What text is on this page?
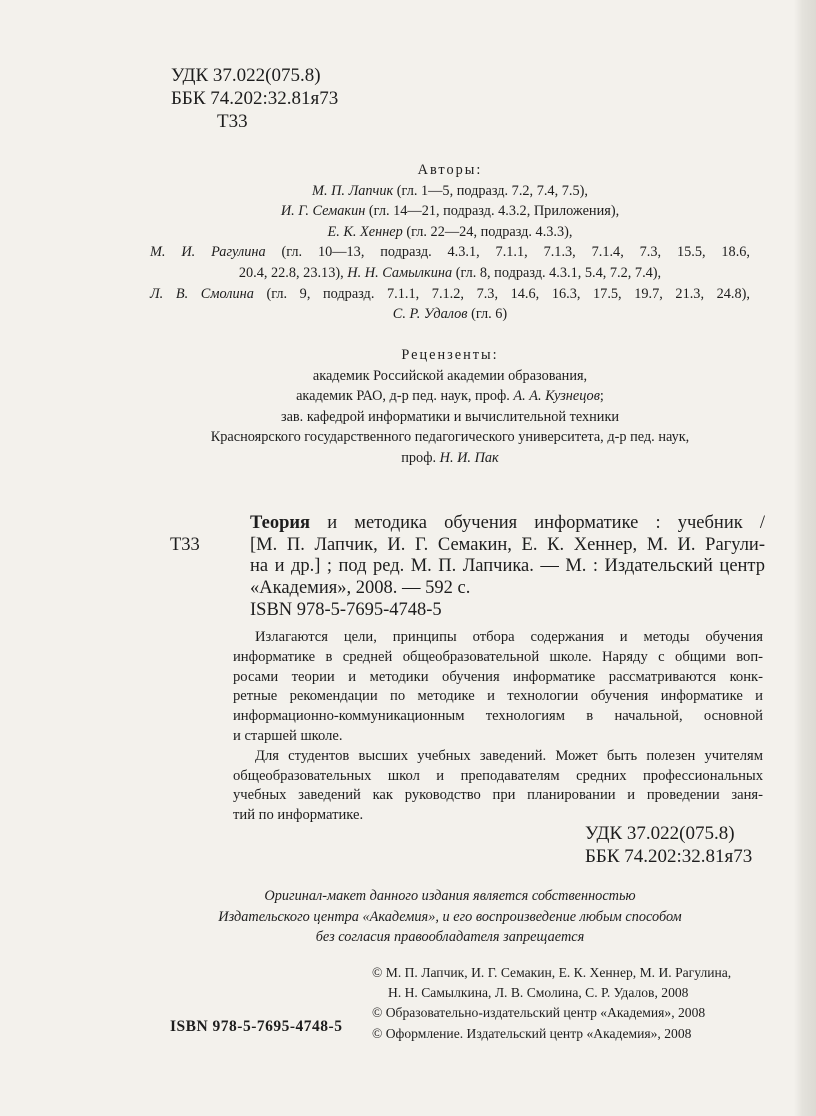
УДК 37.022(075.8)
ББК 74.202:32.81я73
Т33
Авторы:
М. П. Лапчик (гл. 1—5, подразд. 7.2, 7.4, 7.5),
И. Г. Семакин (гл. 14—21, подразд. 4.3.2, Приложения),
Е. К. Хеннер (гл. 22—24, подразд. 4.3.3),
М. И. Рагулина (гл. 10—13, подразд. 4.3.1, 7.1.1, 7.1.3, 7.1.4, 7.3, 15.5, 18.6,
20.4, 22.8, 23.13), Н. Н. Самылкина (гл. 8, подразд. 4.3.1, 5.4, 7.2, 7.4),
Л. В. Смолина (гл. 9, подразд. 7.1.1, 7.1.2, 7.3, 14.6, 16.3, 17.5, 19.7, 21.3, 24.8),
С. Р. Удалов (гл. 6)
Рецензенты:
академик Российской академии образования,
академик РАО, д-р пед. наук, проф. А. А. Кузнецов;
зав. кафедрой информатики и вычислительной техники
Красноярского государственного педагогического университета, д-р пед. наук,
проф. Н. И. Пак
Т33
Теория и методика обучения информатике : учебник /
[М. П. Лапчик, И. Г. Семакин, Е. К. Хеннер, М. И. Рагули-
на и др.] ; под ред. М. П. Лапчика. — М. : Издательский центр
«Академия», 2008. — 592 с.
ISBN 978-5-7695-4748-5
Излагаются цели, принципы отбора содержания и методы обучения
информатике в средней общеобразовательной школе. Наряду с общими воп-
росами теории и методики обучения информатике рассматриваются конк-
ретные рекомендации по методике и технологии обучения информатике и
информационно-коммуникационным технологиям в начальной, основной
и старшей школе.
Для студентов высших учебных заведений. Может быть полезен учителям
общеобразовательных школ и преподавателям средних профессиональных
учебных заведений как руководство при планировании и проведении заня-
тий по информатике.
УДК 37.022(075.8)
ББК 74.202:32.81я73
Оригинал-макет данного издания является собственностью
Издательского центра «Академия», и его воспроизведение любым способом
без согласия правообладателя запрещается
© М. П. Лапчик, И. Г. Семакин, Е. К. Хеннер, М. И. Рагулина,
Н. Н. Самылкина, Л. В. Смолина, С. Р. Удалов, 2008
© Образовательно-издательский центр «Академия», 2008
© Оформление. Издательский центр «Академия», 2008
ISBN 978-5-7695-4748-5
